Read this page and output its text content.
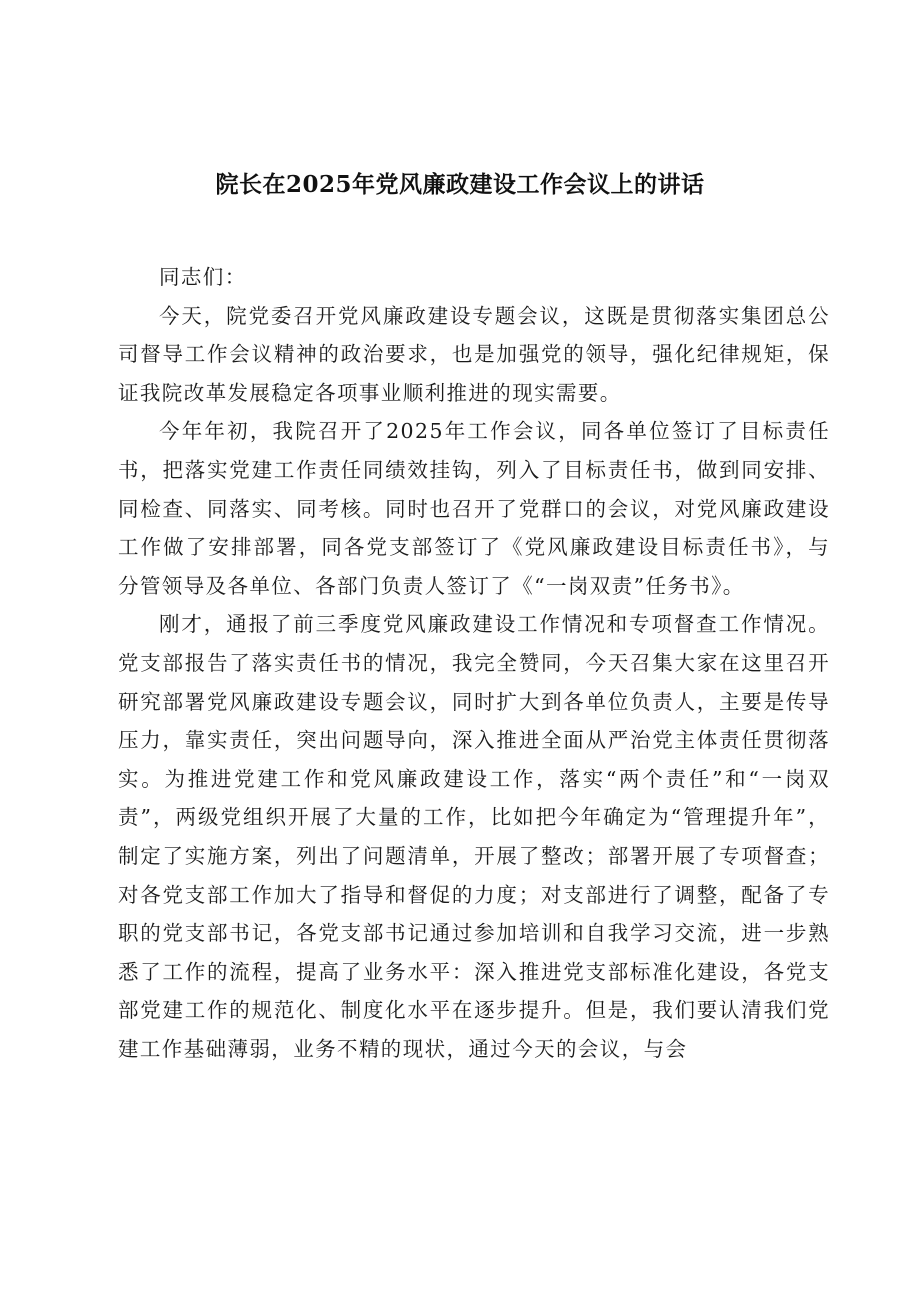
院长在2025年党风廉政建设工作会议上的讲话

同志们：

今天，院党委召开党风廉政建设专题会议，这既是贯彻落实集团总公司督导工作会议精神的政治要求，也是加强党的领导，强化纪律规矩，保证我院改革发展稳定各项事业顺利推进的现实需要。

今年年初，我院召开了2025年工作会议，同各单位签订了目标责任书，把落实党建工作责任同绩效挂钩，列入了目标责任书，做到同安排、同检查、同落实、同考核。同时也召开了党群口的会议，对党风廉政建设工作做了安排部署，同各党支部签订了《党风廉政建设目标责任书》，与分管领导及各单位、各部门负责人签订了《“一岗双责”任务书》。

刚才，通报了前三季度党风廉政建设工作情况和专项督查工作情况。党支部报告了落实责任书的情况，我完全赞同，今天召集大家在这里召开研究部署党风廉政建设专题会议，同时扩大到各单位负责人，主要是传导压力，靠实责任，突出问题导向，深入推进全面从严治党主体责任贯彻落实。为推进党建工作和党风廉政建设工作，落实“两个责任”和“一岗双责”，两级党组织开展了大量的工作，比如把今年确定为“管理提升年”，制定了实施方案，列出了问题清单，开展了整改；部署开展了专项督查；对各党支部工作加大了指导和督促的力度；对支部进行了调整，配备了专职的党支部书记，各党支部书记通过参加培训和自我学习交流，进一步熟悉了工作的流程，提高了业务水平：深入推进党支部标准化建设，各党支部党建工作的规范化、制度化水平在逐步提升。但是，我们要认清我们党建工作基础薄弱，业务不精的现状，通过今天的会议，与会
